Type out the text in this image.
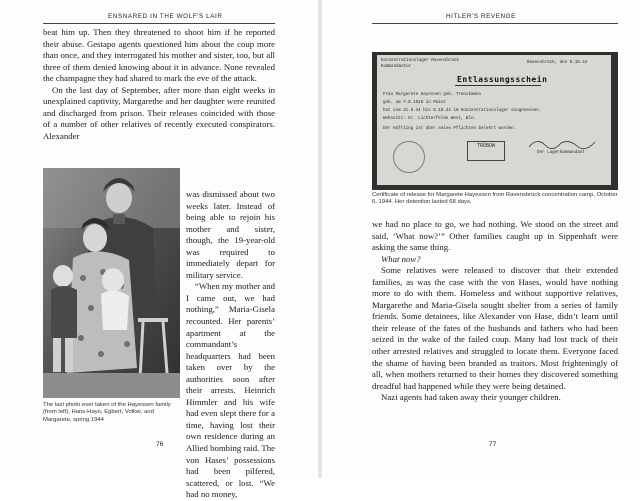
ENSNARED IN THE WOLF'S LAIR

beat him up. Then they threatened to shoot him if he reported their abuse. Gestapo agents questioned him about the coup more than once, and they interrogated his mother and sister, too, but all three of them denied knowing about it in advance. None revealed the champagne they had shared to mark the eve of the attack.

On the last day of September, after more than eight weeks in unexplained captivity, Margarethe and her daughter were reunited and discharged from prison. Their releases coincided with those of a number of other relatives of recently executed conspirators. Alexander

The last photo ever taken of the Hayessen family (from left), Hans-Hayo, Egbert, Volker, and Margarete, spring 1944

was dismissed about two weeks later. Instead of being able to rejoin his mother and sister, though, the 19-year-old was required to immediately depart for military service.

“When my mother and I came out, we had nothing,” Maria-Gisela recounted. Her parents’ apartment at the commandant’s headquarters had been taken over by the authorities soon after their arrests. Heinrich Himmler and his wife had even slept there for a time, having lost their own residence during an Allied bombing raid. The von Hases’ possessions had been pilfered, scattered, or lost. “We had no money,

76
HITLER'S REVENGE

we had no place to go, we had nothing. We stood on the street and said, ‘What now?’” Other families caught up in Sippenhaft were asking the same thing.

What now?

Some relatives were released to discover that their extended families, as was the case with the von Hases, would have nothing more to do with them. Homeless and without supportive relatives, Margarethe and Maria-Gisela sought shelter from a series of family friends. Some detainees, like Alexander von Hase, didn’t learn until their release of the fates of the husbands and fathers who had been seized in the wake of the failed coup. Many had lost track of their other arrested relatives and struggled to locate them. Everyone faced the shame of having been branded as traitors. Most frighteningly of all, when mothers returned to their homes they discovered something dreadful had happened while they were being detained.

Nazi agents had taken away their younger children.

Certificate of release for Margarete Hayessen from Ravensbrück concentration camp, October 6, 1944. Her detention lasted 68 days.
77
Konzentrationslager Ravensbrück
Kommandantur
Ravensbrück, den 6.10.44
Entlassungsschein
Frau Margarete Hayessen geb. Trenckmann
geb. am 7.8.1916 in Mainz
hat vom 31.8.44 bis 6.10.44 im Konzentrationslager eingesessen.
Wohnsitz: Gr. Lichterfelde West, Bln.
Der Häftling ist über seine Pflichten belehrt worden.
TRÜBOW
Der Lagerkommandant
